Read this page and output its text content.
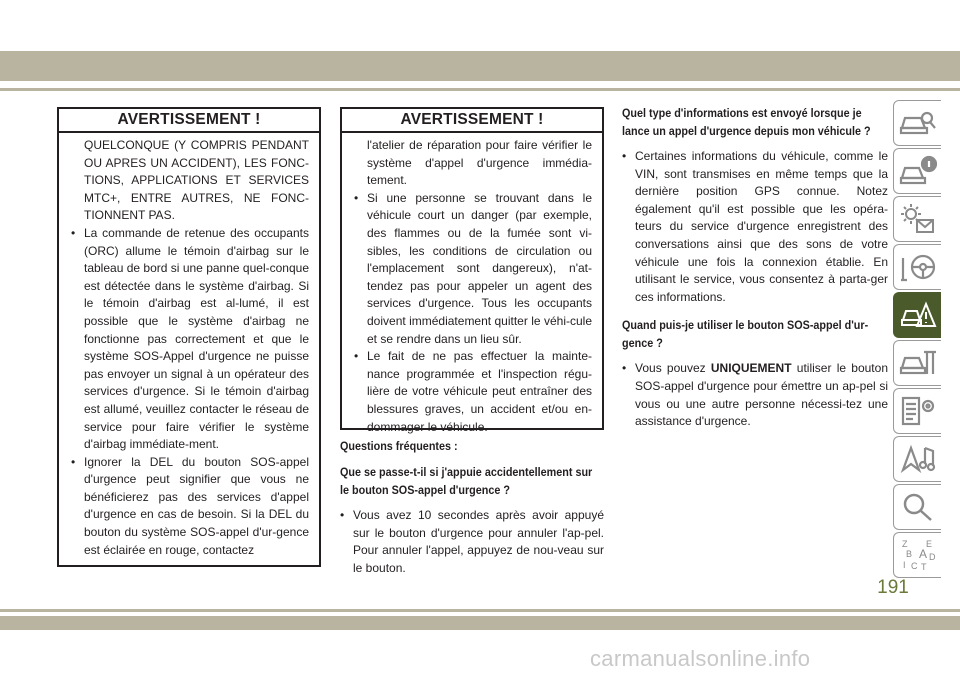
AVERTISSEMENT !

QUELCONQUE (Y COMPRIS PENDANT OU APRES UN ACCIDENT), LES FONC-TIONS, APPLICATIONS ET SERVICES MTC+, ENTRE AUTRES, NE FONC-TIONNENT PAS.

• La commande de retenue des occupants (ORC) allume le témoin d'airbag sur le tableau de bord si une panne quel-conque est détectée dans le système d'airbag. Si le témoin d'airbag est al-lumé, il est possible que le système d'airbag ne fonctionne pas correctement et que le système SOS-Appel d'urgence ne puisse pas envoyer un signal à un opérateur des services d'urgence. Si le témoin d'airbag est allumé, veuillez contacter le réseau de service pour faire vérifier le système d'airbag immédiate-ment.

• Ignorer la DEL du bouton SOS-appel d'urgence peut signifier que vous ne bénéficierez pas des services d'appel d'urgence en cas de besoin. Si la DEL du bouton du système SOS-appel d'ur-gence est éclairée en rouge, contactez

AVERTISSEMENT !

l'atelier de réparation pour faire vérifier le système d'appel d'urgence immédia-tement.

• Si une personne se trouvant dans le véhicule court un danger (par exemple, des flammes ou de la fumée sont vi-sibles, les conditions de circulation ou l'emplacement sont dangereux), n'at-tendez pas pour appeler un agent des services d'urgence. Tous les occupants doivent immédiatement quitter le véhi-cule et se rendre dans un lieu sûr.

• Le fait de ne pas effectuer la mainte-nance programmée et l'inspection régu-lière de votre véhicule peut entraîner des blessures graves, un accident et/ou en-dommager le véhicule.

Questions fréquentes :

Que se passe-t-il si j'appuie accidentellement sur le bouton SOS-appel d'urgence ?

• Vous avez 10 secondes après avoir appuyé sur le bouton d'urgence pour annuler l'ap-pel. Pour annuler l'appel, appuyez de nou-veau sur le bouton.

Quel type d'informations est envoyé lorsque je lance un appel d'urgence depuis mon véhicule ?

• Certaines informations du véhicule, comme le VIN, sont transmises en même temps que la dernière position GPS connue. Notez également qu'il est possible que les opéra-teurs du service d'urgence enregistrent des conversations ainsi que des sons de votre véhicule une fois la connexion établie. En utilisant le service, vous consentez à parta-ger ces informations.

Quand puis-je utiliser le bouton SOS-appel d'ur-gence ?

• Vous pouvez UNIQUEMENT utiliser le bouton SOS-appel d'urgence pour émettre un ap-pel si vous ou une autre personne nécessi-tez une assistance d'urgence.

Z E
B A D
I C T
191
carmanualsonline.info
